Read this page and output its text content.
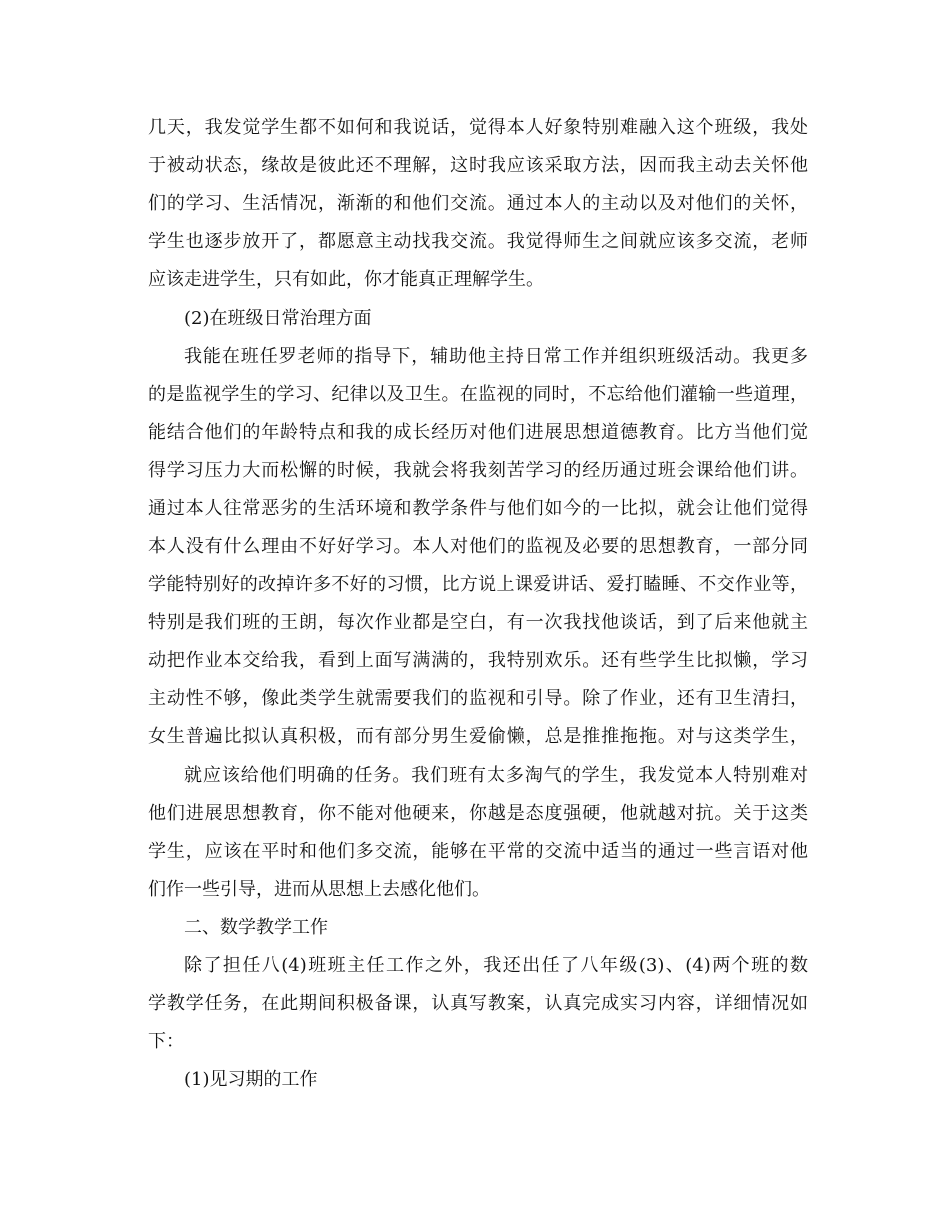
几天，我发觉学生都不如何和我说话，觉得本人好象特别难融入这个班级，我处
于被动状态，缘故是彼此还不理解，这时我应该采取方法，因而我主动去关怀他
们的学习、生活情况，渐渐的和他们交流。通过本人的主动以及对他们的关怀，
学生也逐步放开了，都愿意主动找我交流。我觉得师生之间就应该多交流，老师
应该走进学生，只有如此，你才能真正理解学生。
(2)在班级日常治理方面
我能在班任罗老师的指导下，辅助他主持日常工作并组织班级活动。我更多
的是监视学生的学习、纪律以及卫生。在监视的同时，不忘给他们灌输一些道理，
能结合他们的年龄特点和我的成长经历对他们进展思想道德教育。比方当他们觉
得学习压力大而松懈的时候，我就会将我刻苦学习的经历通过班会课给他们讲。
通过本人往常恶劣的生活环境和教学条件与他们如今的一比拟，就会让他们觉得
本人没有什么理由不好好学习。本人对他们的监视及必要的思想教育，一部分同
学能特别好的改掉许多不好的习惯，比方说上课爱讲话、爱打瞌睡、不交作业等，
特别是我们班的王朗，每次作业都是空白，有一次我找他谈话，到了后来他就主
动把作业本交给我，看到上面写满满的，我特别欢乐。还有些学生比拟懒，学习
主动性不够，像此类学生就需要我们的监视和引导。除了作业，还有卫生清扫，
女生普遍比拟认真积极，而有部分男生爱偷懒，总是推推拖拖。对与这类学生，
就应该给他们明确的任务。我们班有太多淘气的学生，我发觉本人特别难对
他们进展思想教育，你不能对他硬来，你越是态度强硬，他就越对抗。关于这类
学生，应该在平时和他们多交流，能够在平常的交流中适当的通过一些言语对他
们作一些引导，进而从思想上去感化他们。
二、数学教学工作
除了担任八(4)班班主任工作之外，我还出任了八年级(3)、(4)两个班的数
学教学任务，在此期间积极备课，认真写教案，认真完成实习内容，详细情况如
下：
(1)见习期的工作
